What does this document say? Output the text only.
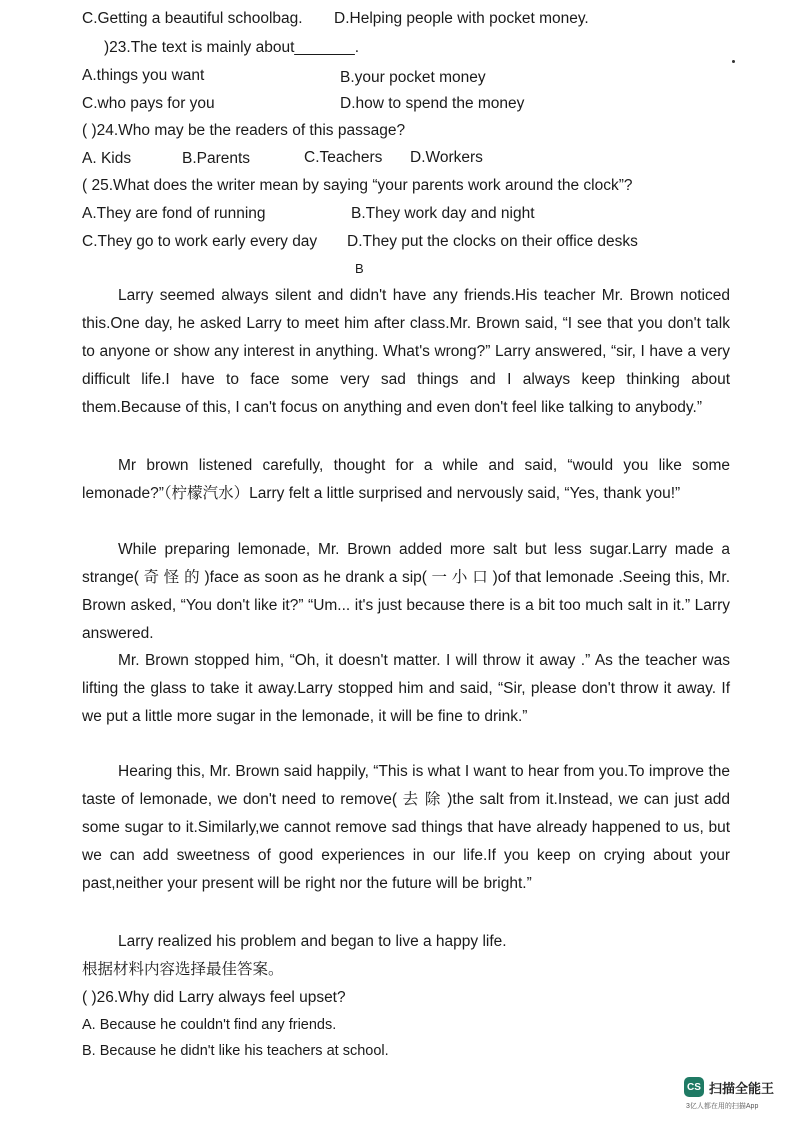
C.Getting a beautiful schoolbag. D.Helping people with pocket money.
)23.The text is mainly about_______.
A.things you want	B.your pocket money
C.who pays for you	D.how to spend the money
( )24.Who may be the readers of this passage?
A. Kids	B.Parents	C.Teachers D.Workers
( 25.What does the writer mean by saying “your parents work around the clock”?
A.They are fond of running	B.They work day and night
C.They go to work early every day D.They put the clocks on their office desks
B
Larry seemed always silent and didn't have any friends.His teacher Mr. Brown noticed this.One day, he asked Larry to meet him after class.Mr. Brown said, “I see that you don't talk to anyone or show any interest in anything. What's wrong?” Larry answered, “sir, I have a very difficult life.I have to face some very sad things and I always keep thinking about them.Because of this, I can't focus on anything and even don't feel like talking to anybody.”
Mr brown listened carefully, thought for a while and said, “would you like some lemonade?”（柠檬汽水）Larry felt a little surprised and nervously said, “Yes, thank you!”
While preparing lemonade, Mr. Brown added more salt but less sugar.Larry made a strange( 奇 怪 的 )face as soon as he drank a sip( 一 小 口 )of that lemonade .Seeing this, Mr. Brown asked, “You don't like it?” “Um... it's just because there is a bit too much salt in it.” Larry answered.
Mr. Brown stopped him, “Oh, it doesn't matter. I will throw it away .” As the teacher was lifting the glass to take it away.Larry stopped him and said, “Sir, please don't throw it away. If we put a little more sugar in the lemonade, it will be fine to drink.”
Hearing this, Mr. Brown said happily, “This is what I want to hear from you.To improve the taste of lemonade, we don't need to remove( 去 除 )the salt from it.Instead, we can just add some sugar to it.Similarly,we cannot remove sad things that have already happened to us, but we can add sweetness of good experiences in our life.If you keep on crying about your past,neither your present will be right nor the future will be bright.”
Larry realized his problem and began to live a happy life.
根据材料内容选择最佳答案。
( )26.Why did Larry always feel upset?
A. Because he couldn't find any friends.
B. Because he didn't like his teachers at school.
CS 扫描全能王
3亿人都在用的扫描App
